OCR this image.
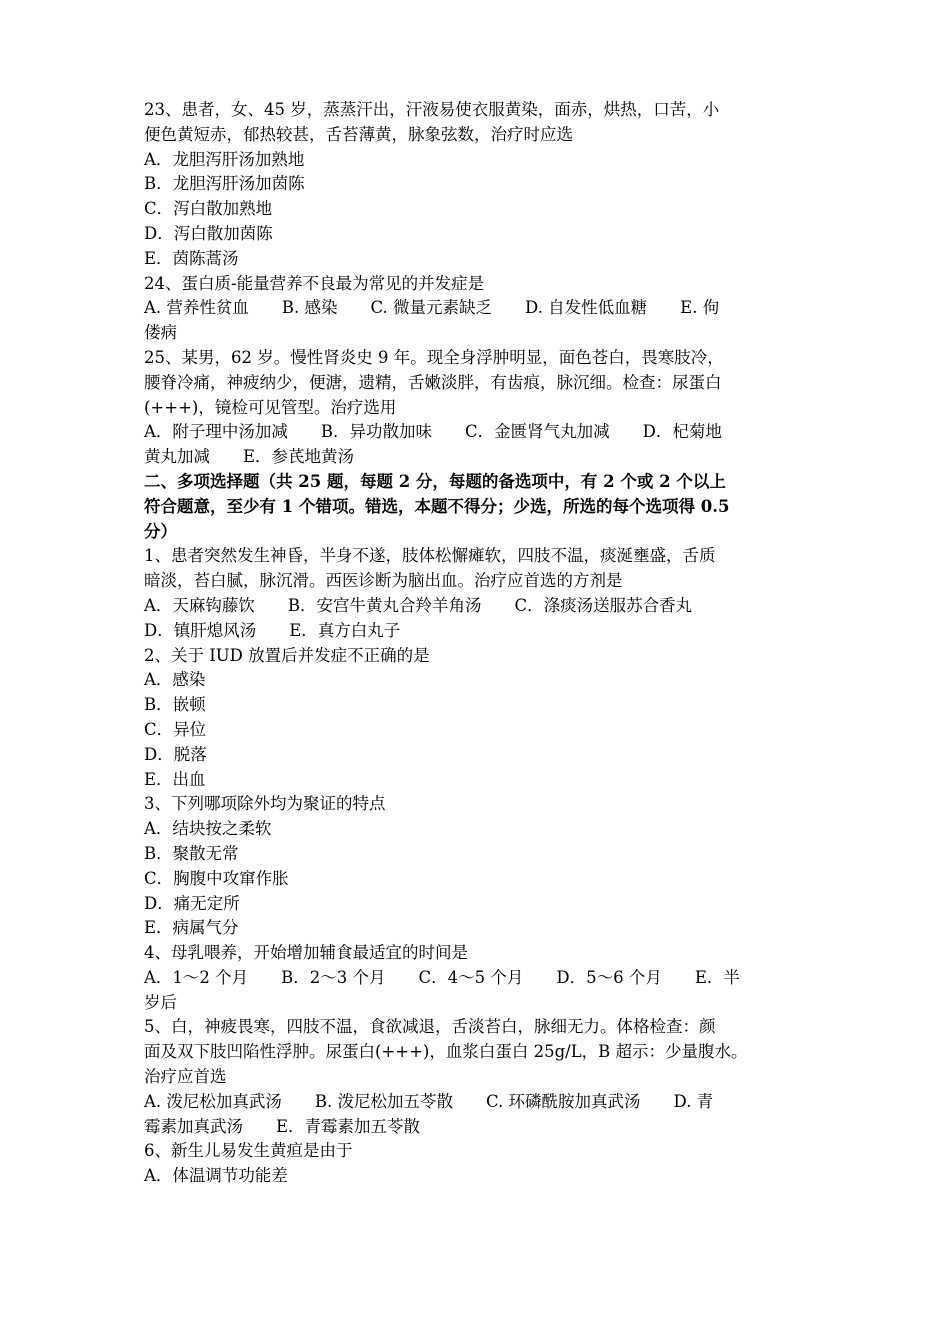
23、患者，女、45 岁，蒸蒸汗出，汗液易使衣服黄染，面赤，烘热，口苦，小
便色黄短赤，郁热较甚，舌苔薄黄，脉象弦数，治疗时应选
A．龙胆泻肝汤加熟地
B．龙胆泻肝汤加茵陈
C．泻白散加熟地
D．泻白散加茵陈
E．茵陈蒿汤
24、蛋白质-能量营养不良最为常见的并发症是
A. 营养性贫血　　B. 感染　　C. 微量元素缺乏　　D. 自发性低血糖　　E. 佝
偻病
25、某男，62 岁。慢性肾炎史 9 年。现全身浮肿明显，面色苍白，畏寒肢冷，
腰脊冷痛，神疲纳少，便溏，遗精，舌嫩淡胖，有齿痕，脉沉细。检查：尿蛋白
(+++)，镜检可见管型。治疗选用
A．附子理中汤加减　　B．异功散加味　　C．金匮肾气丸加减　　D．杞菊地
黄丸加减　　E．参芪地黄汤
二、多项选择题（共 25 题，每题 2 分，每题的备选项中，有 2 个或 2 个以上
符合题意，至少有 1 个错项。错选，本题不得分；少选，所选的每个选项得 0.5
分）
1、患者突然发生神昏，半身不遂，肢体松懈瘫软，四肢不温，痰涎壅盛，舌质
暗淡，苔白腻，脉沉滑。西医诊断为脑出血。治疗应首选的方剂是
A．天麻钩藤饮　　B．安宫牛黄丸合羚羊角汤　　C．涤痰汤送服苏合香丸
D．镇肝熄风汤　　E．真方白丸子
2、关于 IUD 放置后并发症不正确的是
A．感染
B．嵌顿
C．异位
D．脱落
E．出血
3、下列哪项除外均为聚证的特点
A．结块按之柔软
B．聚散无常
C．胸腹中攻窜作胀
D．痛无定所
E．病属气分
4、母乳喂养，开始增加辅食最适宜的时间是
A．1～2 个月　　B．2～3 个月　　C．4～5 个月　　D．5～6 个月　　E．半
岁后
5、白，神疲畏寒，四肢不温，食欲减退，舌淡苔白，脉细无力。体格检查：颜
面及双下肢凹陷性浮肿。尿蛋白(+++)，血浆白蛋白 25g/L，B 超示：少量腹水。
治疗应首选
A. 泼尼松加真武汤　　B. 泼尼松加五苓散　　C. 环磷酰胺加真武汤　　D. 青
霉素加真武汤　　E．青霉素加五苓散
6、新生儿易发生黄疸是由于
A．体温调节功能差
